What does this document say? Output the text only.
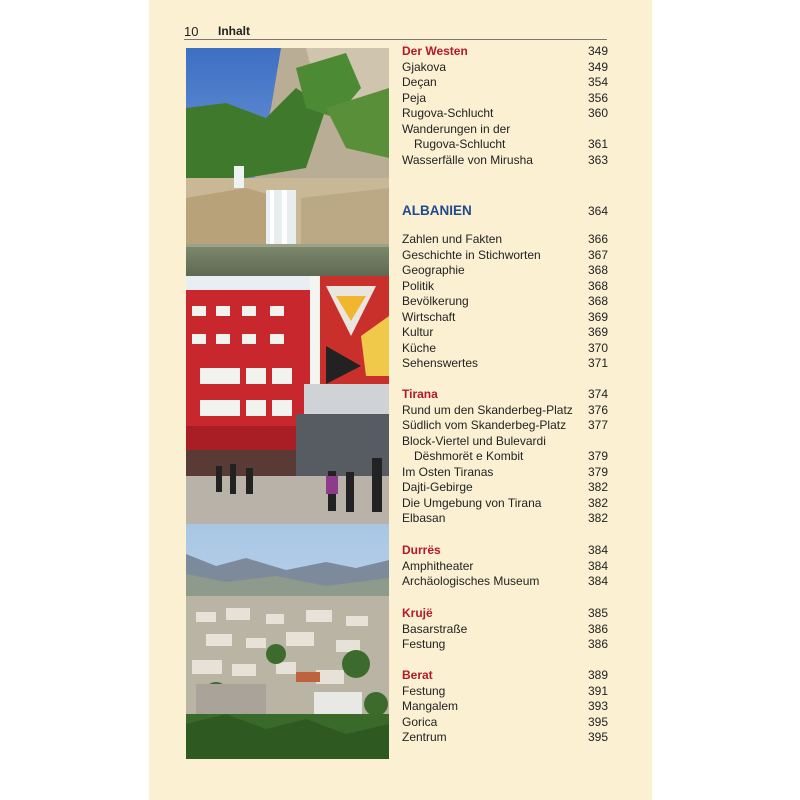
10 Inhalt
Der Westen	349
Gjakova	349
Deçan	354
Peja	356
Rugova-Schlucht	360
Wanderungen in der
Rugova-Schlucht	361
Wasserfälle von Mirusha	363
ALBANIEN	364
Zahlen und Fakten	366
Geschichte in Stichworten	367
Geographie	368
Politik	368
Bevölkerung	368
Wirtschaft	369
Kultur	369
Küche	370
Sehenswertes	371
Tirana	374
Rund um den Skanderbeg-Platz 376
Südlich vom Skanderbeg-Platz 377
Block-Viertel und Bulevardi
Dëshmorët e Kombit	379
Im Osten Tiranas	379
Dajti-Gebirge	382
Die Umgebung von Tirana	382
Elbasan	382
Durrës	384
Amphitheater	384
Archäologisches Museum	384
Krujë	385
Basarstraße	386
Festung	386
Berat	389
Festung	391
Mangalem	393
Gorica	395
Zentrum	395
